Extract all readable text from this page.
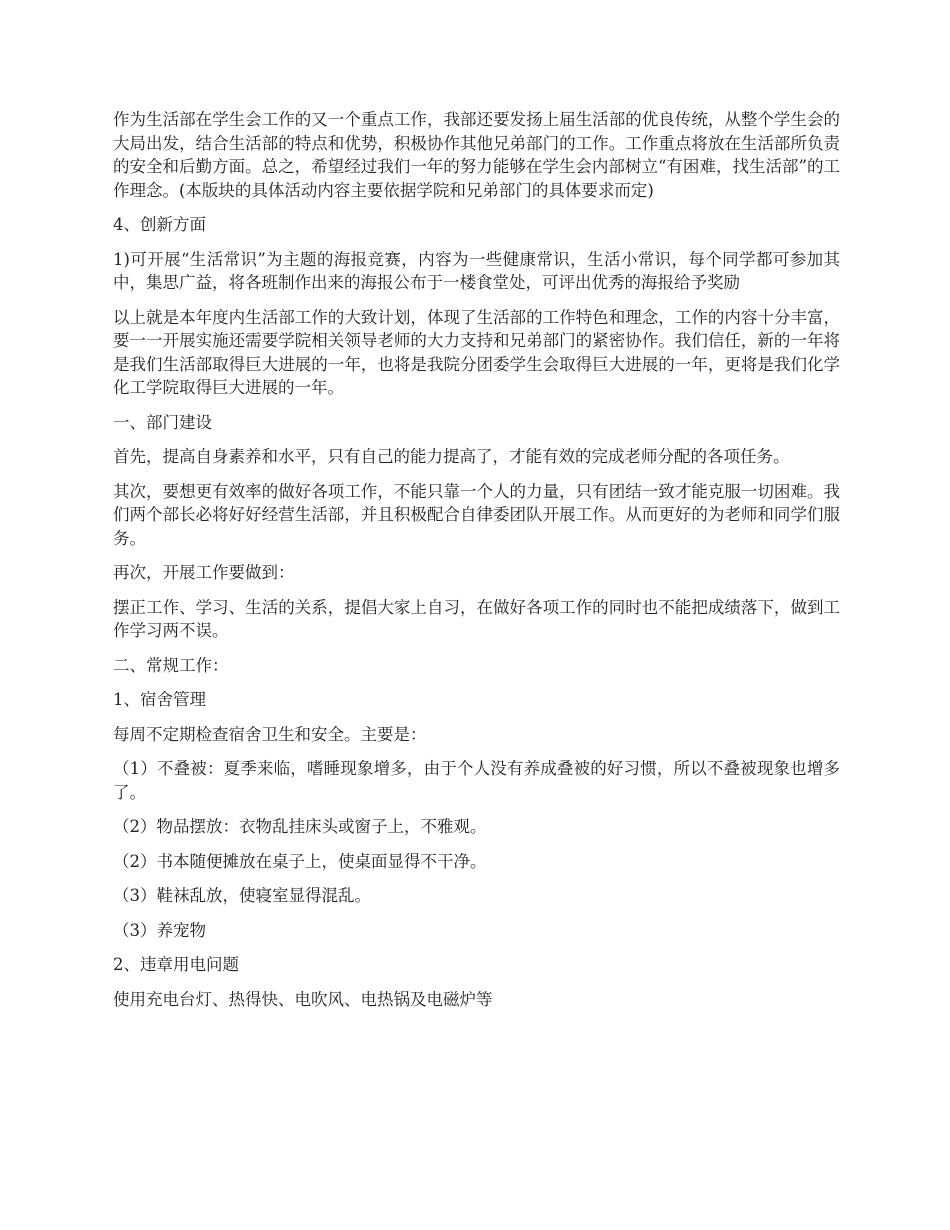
作为生活部在学生会工作的又一个重点工作，我部还要发扬上届生活部的优良传统，从整个学生会的大局出发，结合生活部的特点和优势，积极协作其他兄弟部门的工作。工作重点将放在生活部所负责的安全和后勤方面。总之，希望经过我们一年的努力能够在学生会内部树立“有困难，找生活部”的工作理念。(本版块的具体活动内容主要依据学院和兄弟部门的具体要求而定)

4、创新方面

1)可开展“生活常识”为主题的海报竞赛，内容为一些健康常识，生活小常识，每个同学都可参加其中，集思广益，将各班制作出来的海报公布于一楼食堂处，可评出优秀的海报给予奖励

以上就是本年度内生活部工作的大致计划，体现了生活部的工作特色和理念，工作的内容十分丰富，要一一开展实施还需要学院相关领导老师的大力支持和兄弟部门的紧密协作。我们信任，新的一年将是我们生活部取得巨大进展的一年，也将是我院分团委学生会取得巨大进展的一年，更将是我们化学化工学院取得巨大进展的一年。

一、部门建设

首先，提高自身素养和水平，只有自己的能力提高了，才能有效的完成老师分配的各项任务。

其次，要想更有效率的做好各项工作，不能只靠一个人的力量，只有团结一致才能克服一切困难。我们两个部长必将好好经营生活部，并且积极配合自律委团队开展工作。从而更好的为老师和同学们服务。

再次，开展工作要做到：

摆正工作、学习、生活的关系，提倡大家上自习，在做好各项工作的同时也不能把成绩落下，做到工作学习两不误。

二、常规工作：

1、宿舍管理

每周不定期检查宿舍卫生和安全。主要是：

（1）不叠被：夏季来临，嗜睡现象增多，由于个人没有养成叠被的好习惯，所以不叠被现象也增多了。

（2）物品摆放：衣物乱挂床头或窗子上，不雅观。

（2）书本随便摊放在桌子上，使桌面显得不干净。

（3）鞋袜乱放，使寝室显得混乱。

（3）养宠物

2、违章用电问题

使用充电台灯、热得快、电吹风、电热锅及电磁炉等
